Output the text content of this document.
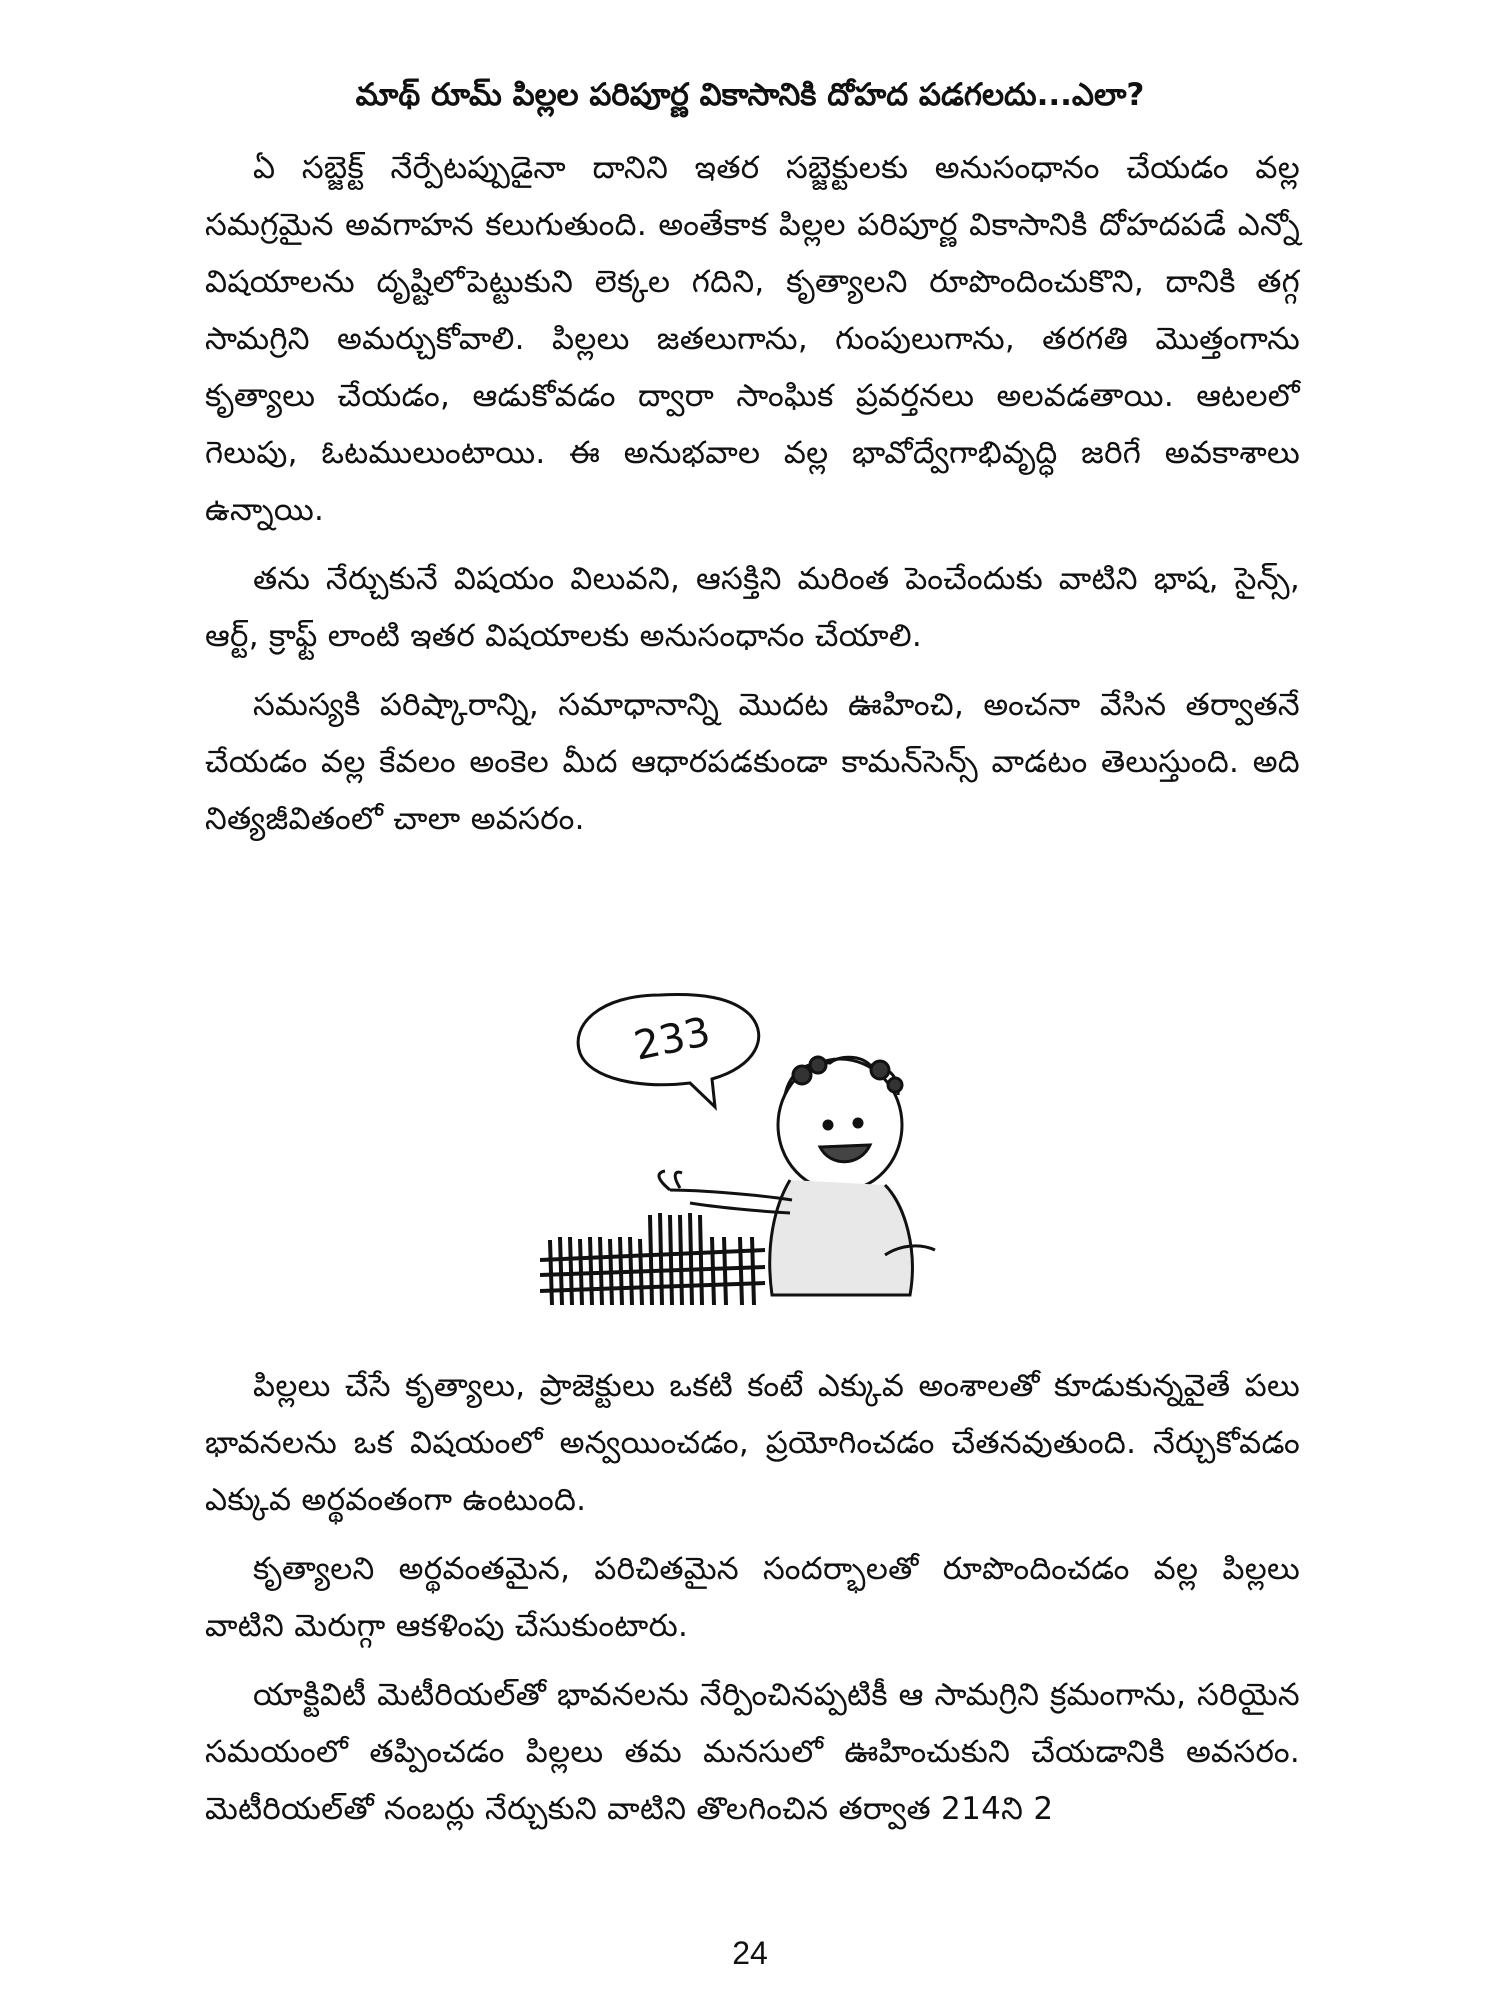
మాథ్ రూమ్ పిల్లల పరిపూర్ణ వికాసానికి దోహద పడగలదు...ఎలా?

ఏ సబ్జెక్ట్ నేర్పేటప్పుడైనా దానిని ఇతర సబ్జెక్టులకు అనుసంధానం చేయడం వల్ల సమగ్రమైన అవగాహన కలుగుతుంది. అంతేకాక పిల్లల పరిపూర్ణ వికాసానికి దోహదపడే ఎన్నో విషయాలను దృష్టిలోపెట్టుకుని లెక్కల గదిని, కృత్యాలని రూపొందించుకొని, దానికి తగ్గ సామగ్రిని అమర్చుకోవాలి. పిల్లలు జతలుగాను, గుంపులుగాను, తరగతి మొత్తంగాను కృత్యాలు చేయడం, ఆడుకోవడం ద్వారా సాంఘిక ప్రవర్తనలు అలవడతాయి. ఆటలలో గెలుపు, ఓటములుంటాయి. ఈ అనుభవాల వల్ల భావోద్వేగాభివృద్ధి జరిగే అవకాశాలు ఉన్నాయి.

తను నేర్చుకునే విషయం విలువని, ఆసక్తిని మరింత పెంచేందుకు వాటిని భాష, సైన్స్, ఆర్ట్, క్రాఫ్ట్ లాంటి ఇతర విషయాలకు అనుసంధానం చేయాలి.

సమస్యకి పరిష్కారాన్ని, సమాధానాన్ని మొదట ఊహించి, అంచనా వేసిన తర్వాతనే చేయడం వల్ల కేవలం అంకెల మీద ఆధారపడకుండా కామన్‌సెన్స్ వాడటం తెలుస్తుంది. అది నిత్యజీవితంలో చాలా అవసరం.

233

పిల్లలు చేసే కృత్యాలు, ప్రాజెక్టులు ఒకటి కంటే ఎక్కువ అంశాలతో కూడుకున్నవైతే పలు భావనలను ఒక విషయంలో అన్వయించడం, ప్రయోగించడం చేతనవుతుంది. నేర్చుకోవడం ఎక్కువ అర్థవంతంగా ఉంటుంది.

కృత్యాలని అర్థవంతమైన, పరిచితమైన సందర్భాలతో రూపొందించడం వల్ల పిల్లలు వాటిని మెరుగ్గా ఆకళింపు చేసుకుంటారు.

యాక్టివిటీ మెటీరియల్‌తో భావనలను నేర్పించినప్పటికీ ఆ సామగ్రిని క్రమంగాను, సరియైన సమయంలో తప్పించడం పిల్లలు తమ మనసులో ఊహించుకుని చేయడానికి అవసరం. మెటీరియల్‌తో నంబర్లు నేర్చుకుని వాటిని తొలగించిన తర్వాత 214ని 2

24
